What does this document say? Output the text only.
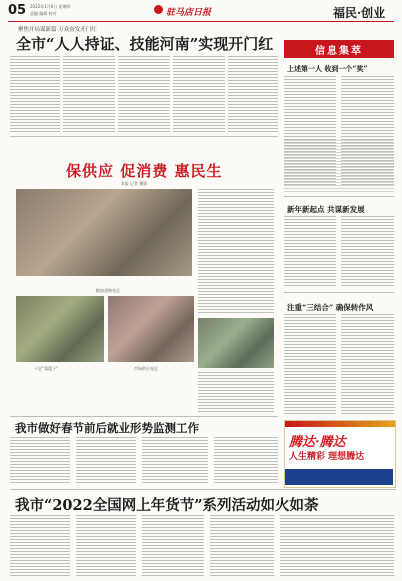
05 2022年1月6日 星期四
责编 编辑 校对	驻马店日报	福民·创业
聚焦开局谋新篇 万众奋发开门红
全市“人人持证、技能河南”实现开门红
保供应 促消费 惠民生
本报 记者 摄影
粮油货物充足
十足“菜篮子”	市场供应充足
我市做好春节前后就业形势监测工作
我市“2022全国网上年货节”系列活动如火如荼
信息集萃
上述第一人 收到一个“奖”
新年新起点 共谋新发展
注重“三结合” 确保转作风
腾达·腾达
人生精彩 理想腾达
